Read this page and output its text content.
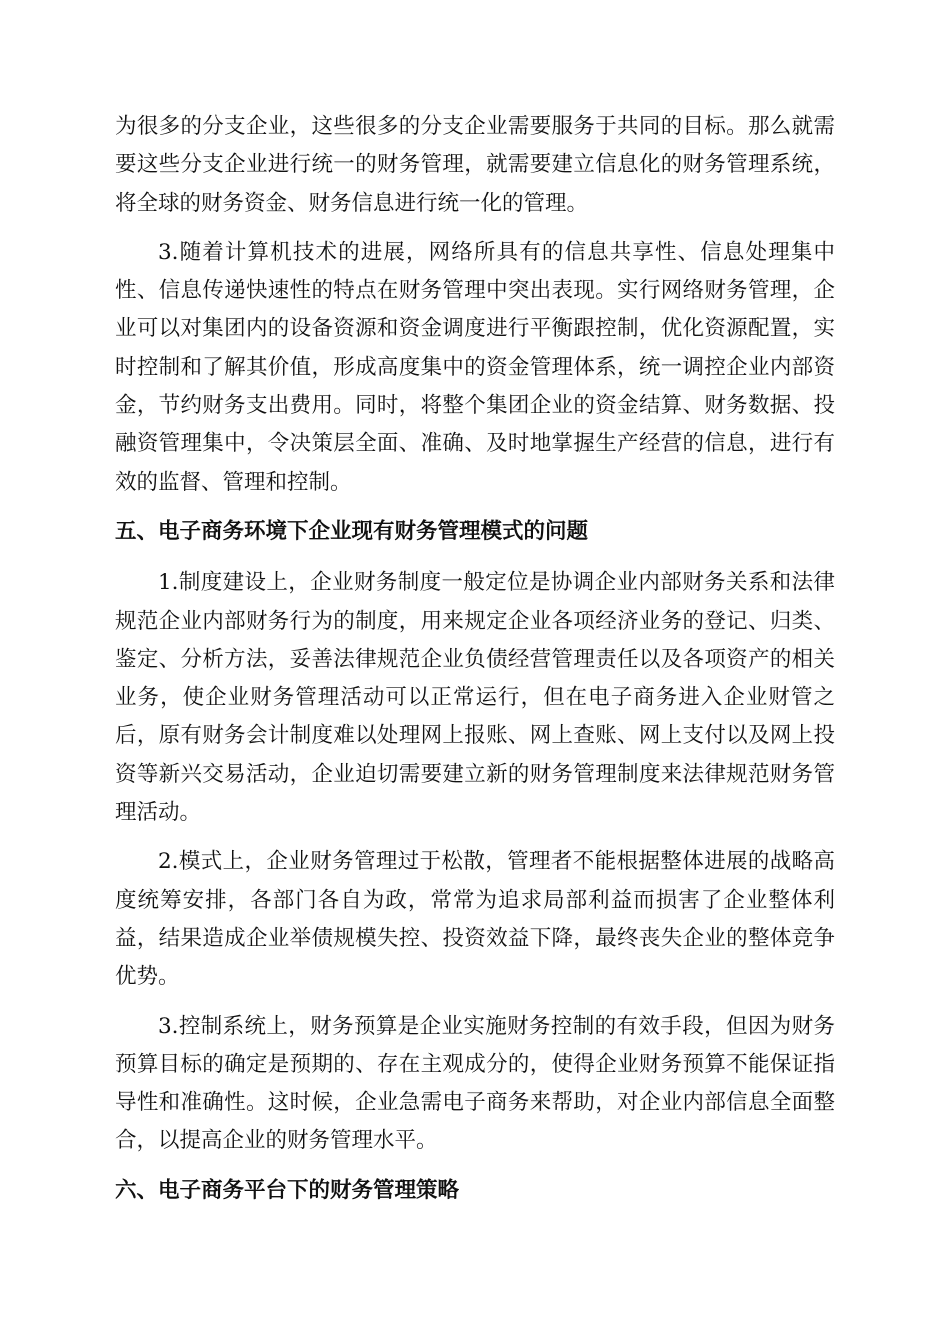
为很多的分支企业，这些很多的分支企业需要服务于共同的目标。那么就需要这些分支企业进行统一的财务管理，就需要建立信息化的财务管理系统，将全球的财务资金、财务信息进行统一化的管理。

3.随着计算机技术的进展，网络所具有的信息共享性、信息处理集中性、信息传递快速性的特点在财务管理中突出表现。实行网络财务管理，企业可以对集团内的设备资源和资金调度进行平衡跟控制，优化资源配置，实时控制和了解其价值，形成高度集中的资金管理体系，统一调控企业内部资金，节约财务支出费用。同时，将整个集团企业的资金结算、财务数据、投融资管理集中，令决策层全面、准确、及时地掌握生产经营的信息，进行有效的监督、管理和控制。

五、电子商务环境下企业现有财务管理模式的问题

1.制度建设上，企业财务制度一般定位是协调企业内部财务关系和法律规范企业内部财务行为的制度，用来规定企业各项经济业务的登记、归类、鉴定、分析方法，妥善法律规范企业负债经营管理责任以及各项资产的相关业务，使企业财务管理活动可以正常运行，但在电子商务进入企业财管之后，原有财务会计制度难以处理网上报账、网上查账、网上支付以及网上投资等新兴交易活动，企业迫切需要建立新的财务管理制度来法律规范财务管理活动。

2.模式上，企业财务管理过于松散，管理者不能根据整体进展的战略高度统筹安排，各部门各自为政，常常为追求局部利益而损害了企业整体利益，结果造成企业举债规模失控、投资效益下降，最终丧失企业的整体竞争优势。

3.控制系统上，财务预算是企业实施财务控制的有效手段，但因为财务预算目标的确定是预期的、存在主观成分的，使得企业财务预算不能保证指导性和准确性。这时候，企业急需电子商务来帮助，对企业内部信息全面整合，以提高企业的财务管理水平。

六、电子商务平台下的财务管理策略
